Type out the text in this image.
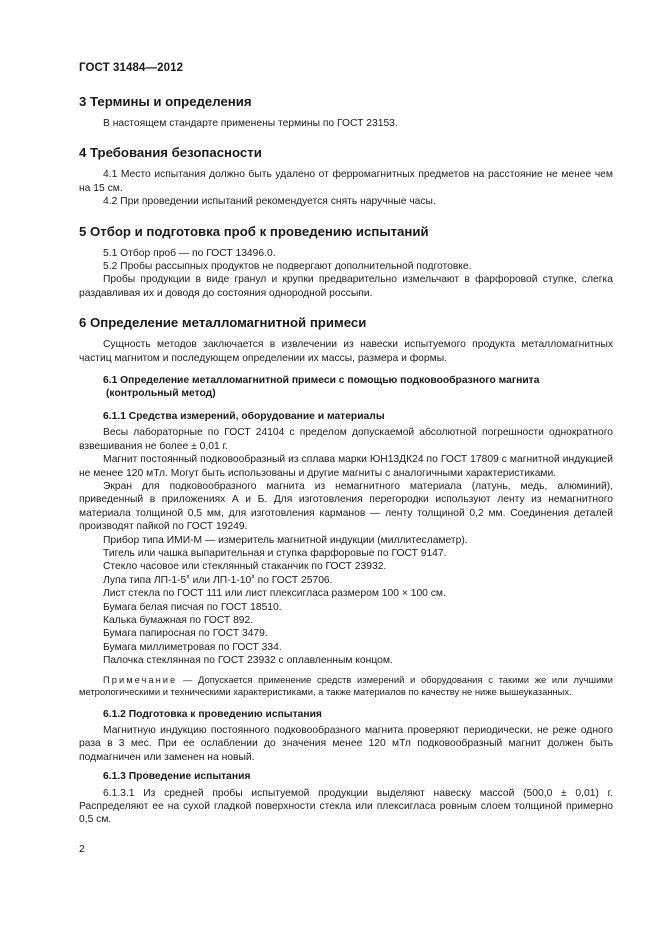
ГОСТ 31484—2012
3 Термины и определения

В настоящем стандарте применены термины по ГОСТ 23153.

4 Требования безопасности

4.1 Место испытания должно быть удалено от ферромагнитных предметов на расстояние не менее чем на 15 см.

4.2 При проведении испытаний рекомендуется снять наручные часы.

5 Отбор и подготовка проб к проведению испытаний

5.1 Отбор проб — по ГОСТ 13496.0.

5.2 Пробы рассыпных продуктов не подвергают дополнительной подготовке.

Пробы продукции в виде гранул и крупки предварительно измельчают в фарфоровой ступке, слегка раздавливая их и доводя до состояния однородной россыпи.

6 Определение металломагнитной примеси

Сущность методов заключается в извлечении из навески испытуемого продукта металломагнитных частиц магнитом и последующем определении их массы, размера и формы.

6.1 Определение металломагнитной примеси с помощью подковообразного магнита
(контрольный метод)
6.1.1 Средства измерений, оборудование и материалы

Весы лабораторные по ГОСТ 24104 с пределом допускаемой абсолютной погрешности однократного взвешивания не более ± 0,01 г.

Магнит постоянный подковообразный из сплава марки ЮН13ДК24 по ГОСТ 17809 с магнитной индукцией не менее 120 мТл. Могут быть использованы и другие магниты с аналогичными характеристиками.

Экран для подковообразного магнита из немагнитного материала (латунь, медь, алюминий), приведенный в приложениях А и Б. Для изготовления перегородки используют ленту из немагнитного материала толщиной 0,5 мм, для изготовления карманов — ленту толщиной 0,2 мм. Соединения деталей производят пайкой по ГОСТ 19249.

Прибор типа ИМИ-М — измеритель магнитной индукции (миллитесламетр).

Тигель или чашка выпарительная и ступка фарфоровые по ГОСТ 9147.

Стекло часовое или стеклянный стаканчик по ГОСТ 23932.

Лупа типа $ЛП-1-5^х$ или $ЛП-1-10^х$ по ГОСТ 25706.

Лист стекла по ГОСТ 111 или лист плексигласа размером 100 × 100 см.

Бумага белая писчая по ГОСТ 18510.

Калька бумажная по ГОСТ 892.

Бумага папиросная по ГОСТ 3479.

Бумага миллиметровая по ГОСТ 334.

Палочка стеклянная по ГОСТ 23932 с оплавленным концом.

Примечание — Допускается применение средств измерений и оборудования с такими же или лучшими метрологическими и техническими характеристиками, а также материалов по качеству не ниже вышеуказанных.

6.1.2 Подготовка к проведению испытания

Магнитную индукцию постоянного подковообразного магнита проверяют периодически, не реже одного раза в 3 мес. При ее ослаблении до значения менее 120 мТл подковообразный магнит должен быть подмагничен или заменен на новый.

6.1.3 Проведение испытания

6.1.3.1 Из средней пробы испытуемой продукции выделяют навеску массой (500,0 ± 0,01) г. Распределяют ее на сухой гладкой поверхности стекла или плексигласа ровным слоем толщиной примерно 0,5 см.

2
